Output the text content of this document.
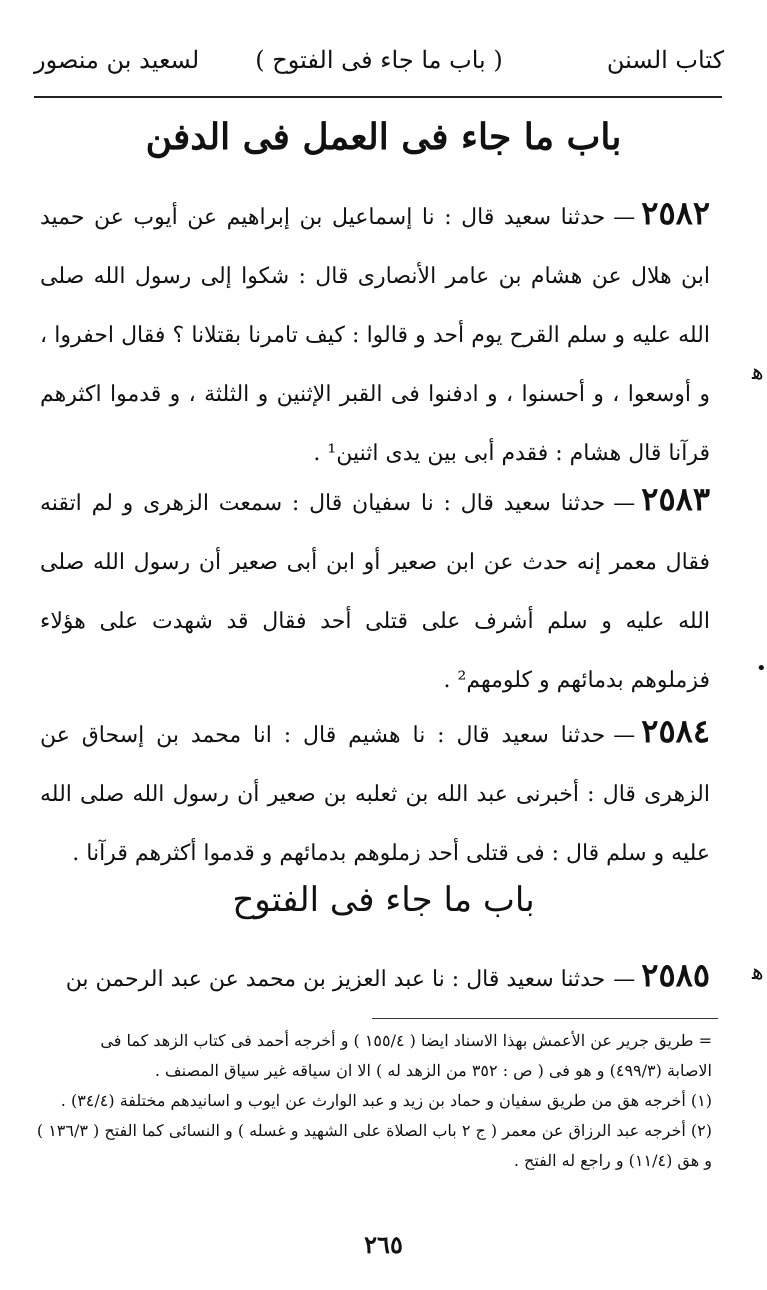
كتاب السنن
( باب ما جاء فى الفتوح )
لسعيد بن منصور
باب ما جاء فى العمل فى الدفن
٢٥٨٢—حدثنا سعيد قال : نا إسماعيل بن إبراهيم عن أيوب عن حميد ابن هلال عن هشام بن عامر الأنصارى قال : شكوا إلى رسول الله صلى الله عليه و سلم القرح يوم أحد و قالوا : كيف تامرنا بقتلانا ؟ فقال احفروا ، و أوسعوا ، و أحسنوا ، و ادفنوا فى القبر الإثنين و الثلثة ، و قدموا اكثرهم قرآنا قال هشام : فقدم أبى بين يدى اثنين¹ .
٢٥٨٣—حدثنا سعيد قال : نا سفيان قال : سمعت الزهرى و لم اتقنه فقال معمر إنه حدث عن ابن صعير أو ابن أبى صعير أن رسول الله صلى الله عليه و سلم أشرف على قتلى أحد فقال قد شهدت على هؤلاء فزملوهم بدمائهم و كلومهم² .
٢٥٨٤—حدثنا سعيد قال : نا هشيم قال : انا محمد بن إسحاق عن الزهرى قال : أخبرنى عبد الله بن ثعلبه بن صعير أن رسول الله صلى الله عليه و سلم قال : فى قتلى أحد زملوهم بدمائهم و قدموا أكثرهم قرآنا .
باب ما جاء فى الفتوح
٢٥٨٥—حدثنا سعيد قال : نا عبد العزيز بن محمد عن عبد الرحمن بن
ﻫ
•
ﻫ
= طريق جرير عن الأعمش بهذا الاسناد ايضا ( ١٥٥/٤ ) و أخرجه أحمد فى كتاب الزهد كما فى
الاصابة (٤٩٩/٣) و هو فى ( ص : ٣٥٢ من الزهد له ) الا ان سياقه غير سياق المصنف .
(١) أخرجه هق من طريق سفيان و حماد بن زيد و عبد الوارث عن ايوب و اسانيدهم مختلفة (٣٤/٤) .
(٢) أخرجه عبد الرزاق عن معمر ( ج ٢ باب الصلاة على الشهيد و غسله ) و النسائى كما الفتح ( ١٣٦/٣ )
و هق (١١/٤) و راجع له الفتح .
٢٦٥
